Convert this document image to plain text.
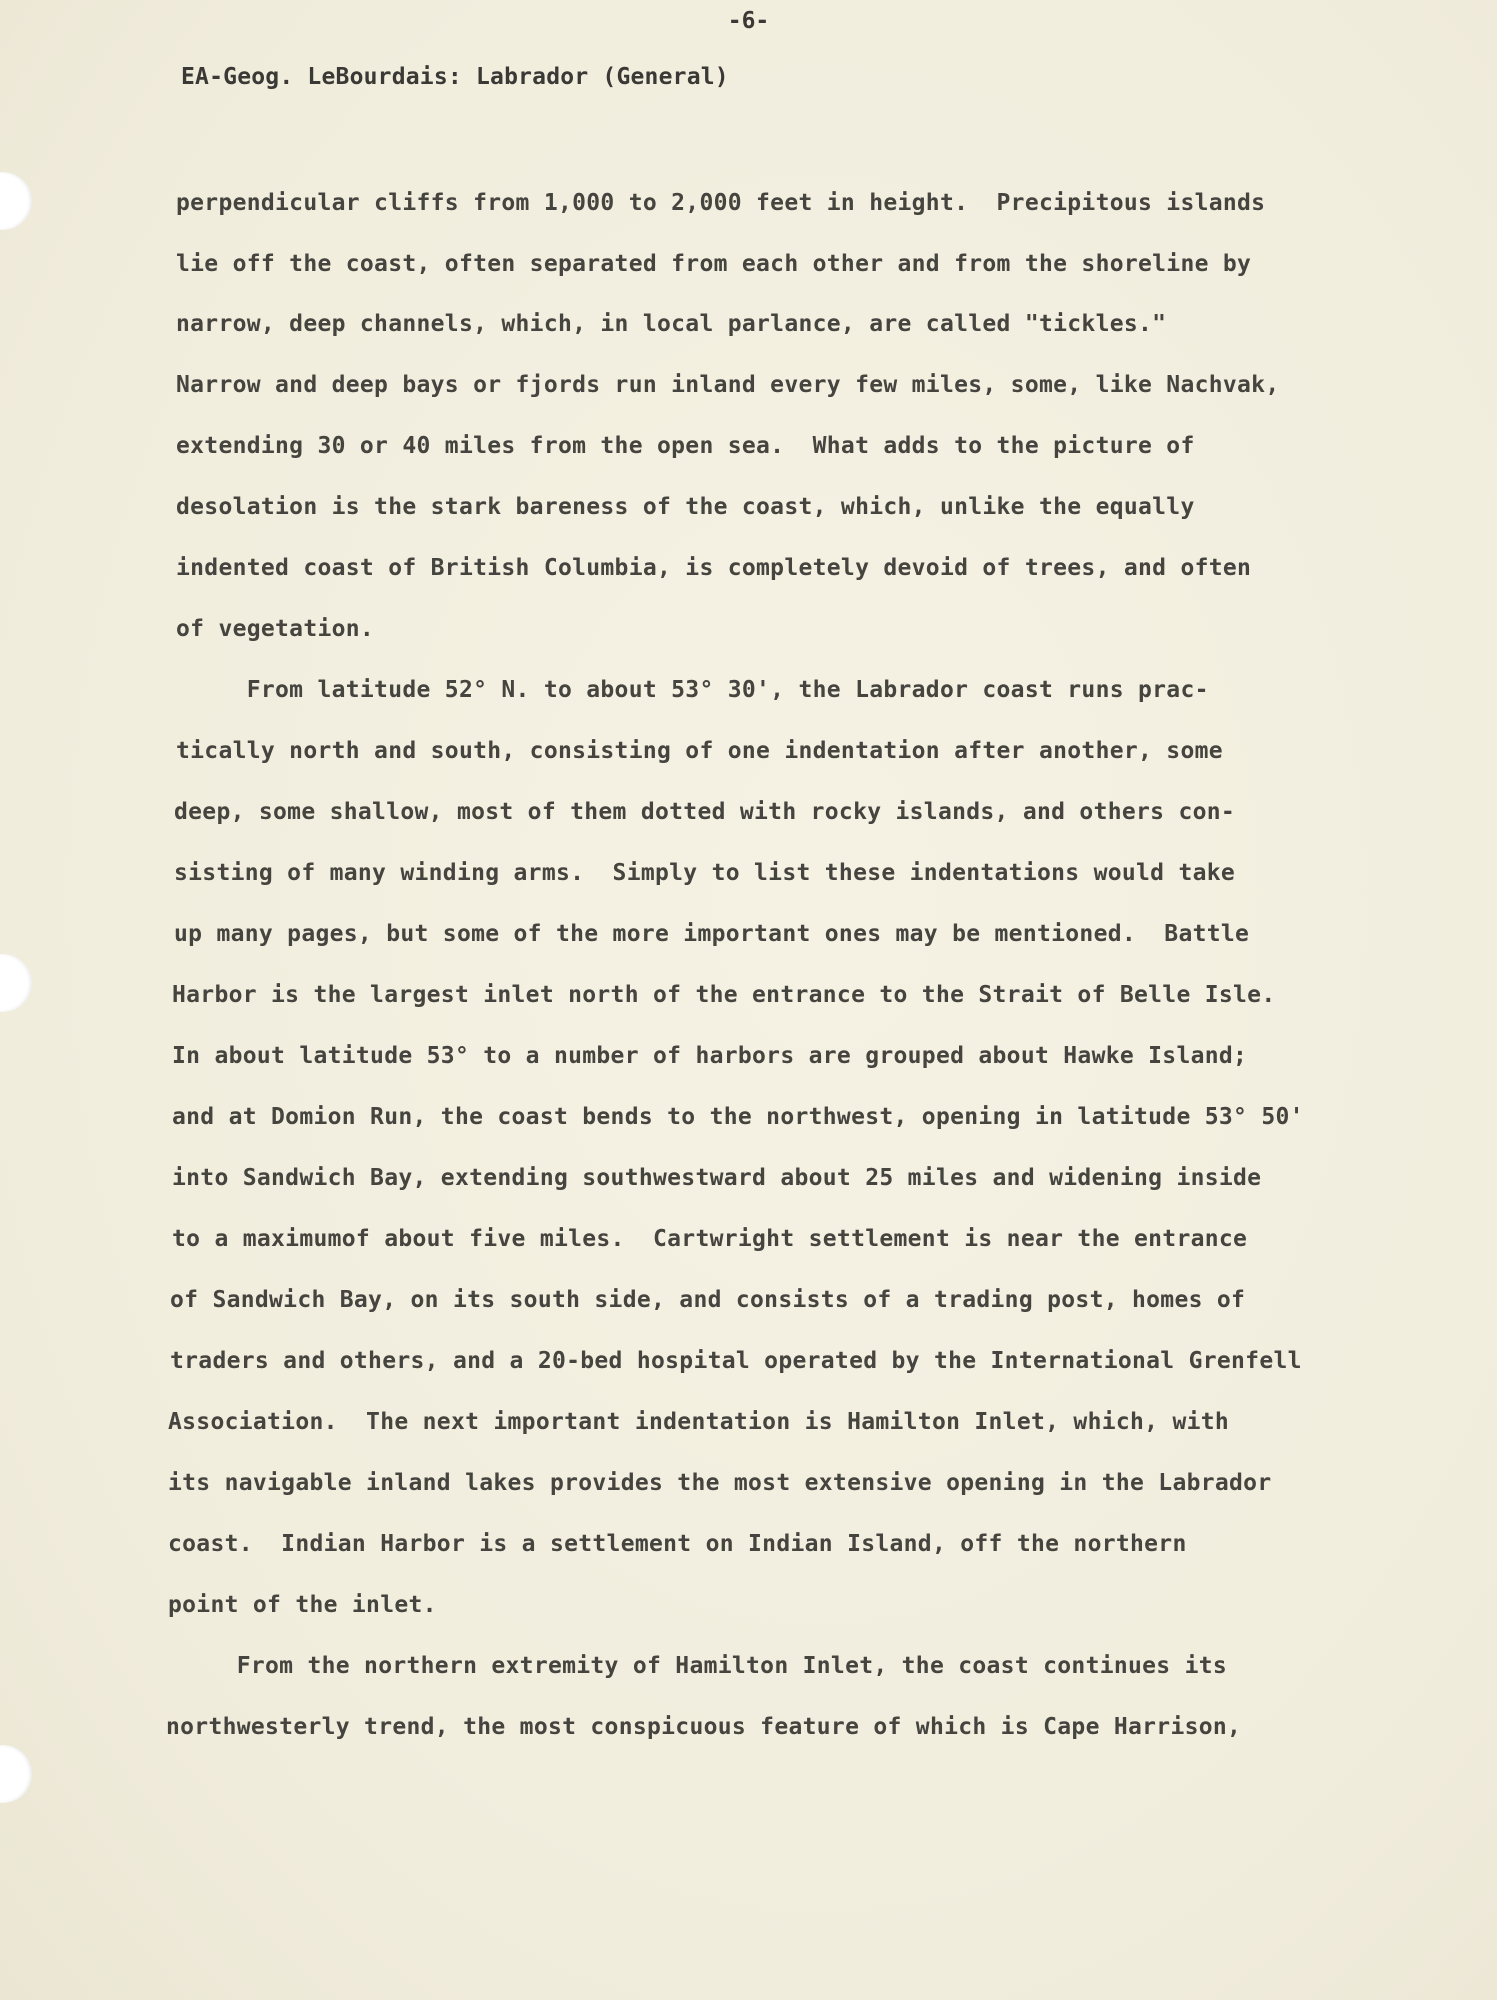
-6-
EA-Geog. LeBourdais: Labrador (General)
perpendicular cliffs from 1,000 to 2,000 feet in height.  Precipitous islands
lie off the coast, often separated from each other and from the shoreline by
narrow, deep channels, which, in local parlance, are called "tickles."
Narrow and deep bays or fjords run inland every few miles, some, like Nachvak,
extending 30 or 40 miles from the open sea.  What adds to the picture of
desolation is the stark bareness of the coast, which, unlike the equally
indented coast of British Columbia, is completely devoid of trees, and often
of vegetation.
From latitude 52° N. to about 53° 30', the Labrador coast runs prac-
tically north and south, consisting of one indentation after another, some
deep, some shallow, most of them dotted with rocky islands, and others con-
sisting of many winding arms.  Simply to list these indentations would take
up many pages, but some of the more important ones may be mentioned.  Battle
Harbor is the largest inlet north of the entrance to the Strait of Belle Isle.
In about latitude 53° to a number of harbors are grouped about Hawke Island;
and at Domion Run, the coast bends to the northwest, opening in latitude 53° 50'
into Sandwich Bay, extending southwestward about 25 miles and widening inside
to a maximumof about five miles.  Cartwright settlement is near the entrance
of Sandwich Bay, on its south side, and consists of a trading post, homes of
traders and others, and a 20-bed hospital operated by the International Grenfell
Association.  The next important indentation is Hamilton Inlet, which, with
its navigable inland lakes provides the most extensive opening in the Labrador
coast.  Indian Harbor is a settlement on Indian Island, off the northern
point of the inlet.
From the northern extremity of Hamilton Inlet, the coast continues its
northwesterly trend, the most conspicuous feature of which is Cape Harrison,
